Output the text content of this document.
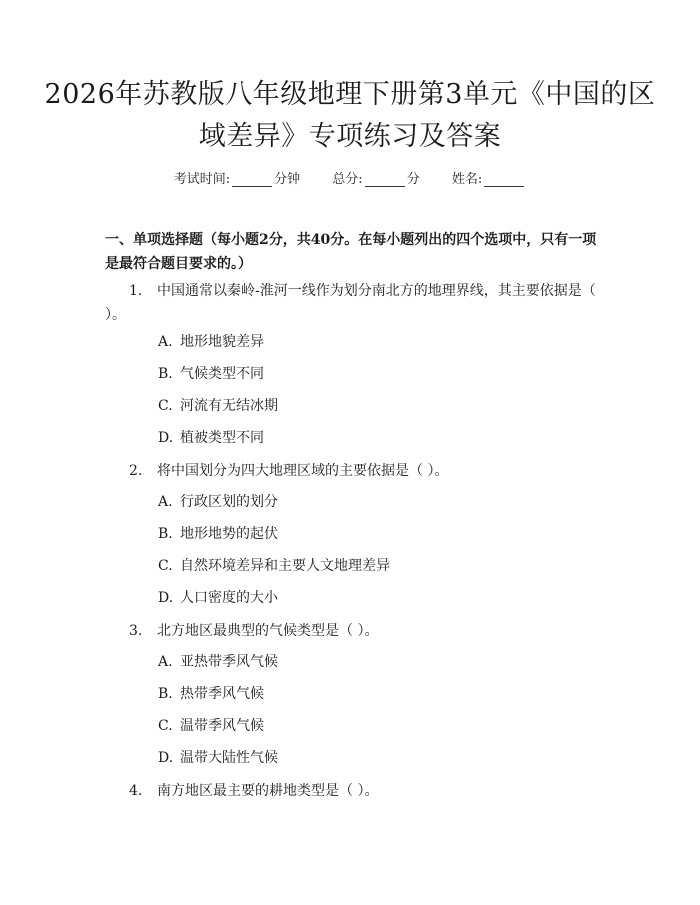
2026年苏教版八年级地理下册第3单元《中国的区域差异》专项练习及答案
考试时间:	分钟 总分:	分 姓名:
一、单项选择题（每小题2分，共40分。在每小题列出的四个选项中，只有一项是最符合题目要求的。）
1. 中国通常以秦岭-淮河一线作为划分南北方的地理界线，其主要依据是（ ）。
A. 地形地貌差异
B. 气候类型不同
C. 河流有无结冰期
D. 植被类型不同
2. 将中国划分为四大地理区域的主要依据是（ ）。
A. 行政区划的划分
B. 地形地势的起伏
C. 自然环境差异和主要人文地理差异
D. 人口密度的大小
3. 北方地区最典型的气候类型是（ ）。
A. 亚热带季风气候
B. 热带季风气候
C. 温带季风气候
D. 温带大陆性气候
4. 南方地区最主要的耕地类型是（ ）。
